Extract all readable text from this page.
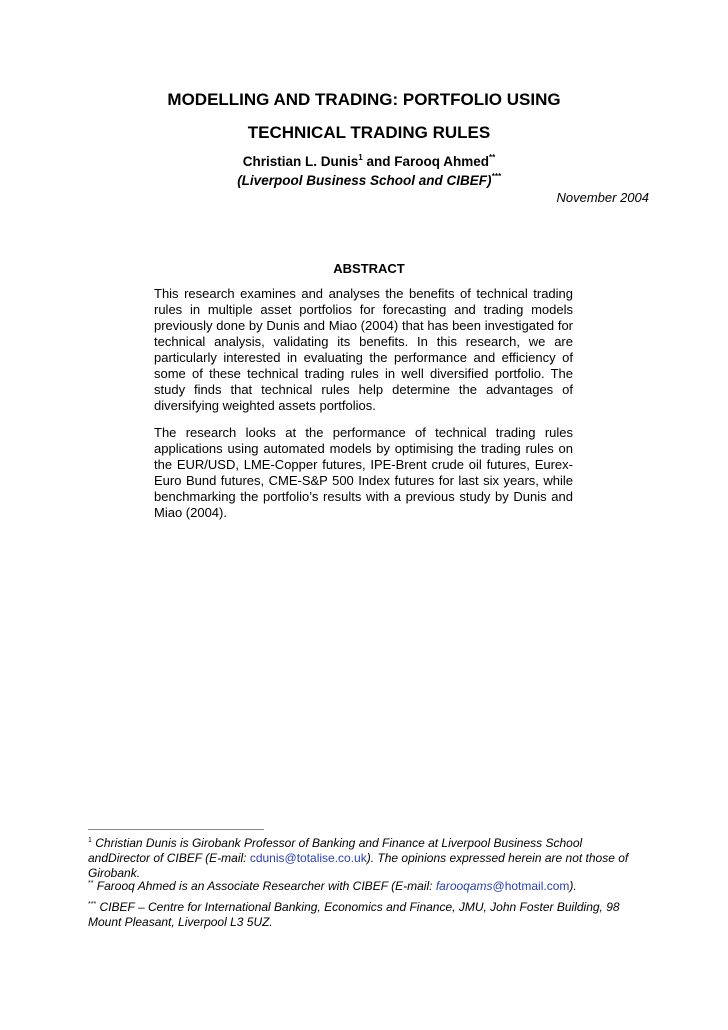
MODELLING AND TRADING: PORTFOLIO USING
TECHNICAL TRADING RULES
Christian L. Dunis$^1$ and Farooq Ahmed**
(Liverpool Business School and CIBEF)***
November 2004
ABSTRACT

This research examines and analyses the benefits of technical trading rules in multiple asset portfolios for forecasting and trading models previously done by Dunis and Miao (2004) that has been investigated for technical analysis, validating its benefits. In this research, we are particularly interested in evaluating the performance and efficiency of some of these technical trading rules in well diversified portfolio. The study finds that technical rules help determine the advantages of diversifying weighted assets portfolios.

The research looks at the performance of technical trading rules applications using automated models by optimising the trading rules on the EUR/USD, LME-Copper futures, IPE-Brent crude oil futures, Eurex-Euro Bund futures, CME-S&P 500 Index futures for last six years, while benchmarking the portfolio’s results with a previous study by Dunis and Miao (2004).

$^1$ Christian Dunis is Girobank Professor of Banking and Finance at Liverpool Business School andDirector of CIBEF (E-mail: cdunis@totalise.co.uk). The opinions expressed herein are not those of Girobank.

** Farooq Ahmed is an Associate Researcher with CIBEF (E-mail: farooqams@hotmail.com).

*** CIBEF – Centre for International Banking, Economics and Finance, JMU, John Foster Building, 98 Mount Pleasant, Liverpool L3 5UZ.
